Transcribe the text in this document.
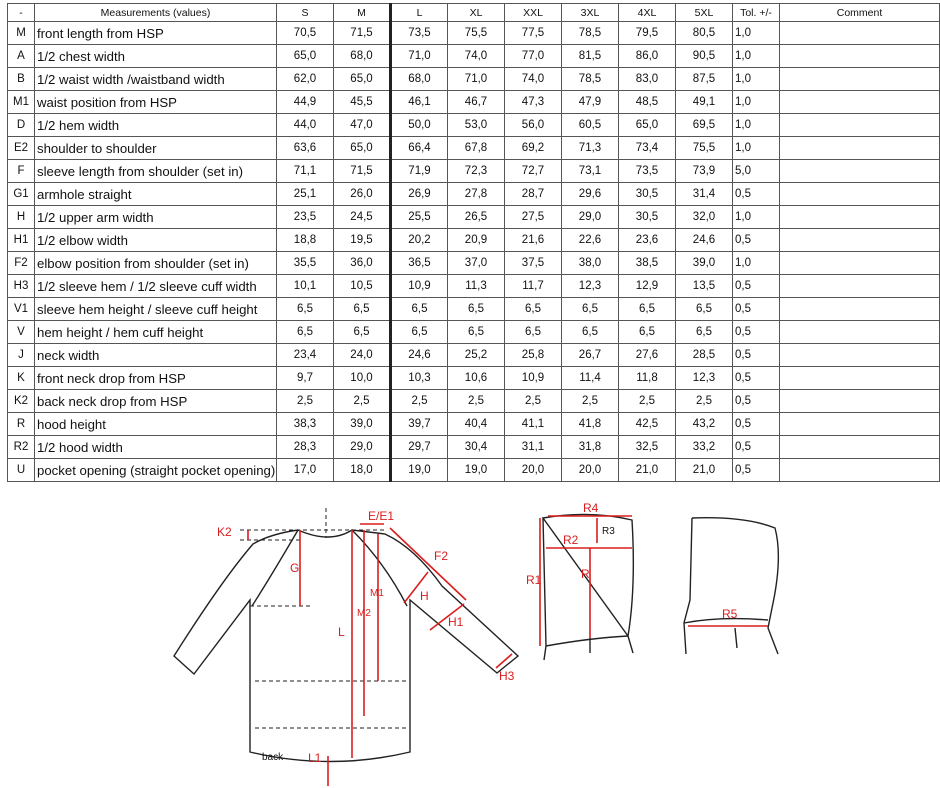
-	Measurements (values)	S	M	L	XL	XXL	3XL	4XL	5XL	Tol. +/-	Comment
M	front length from HSP	70,5	71,5	73,5	75,5	77,5	78,5	79,5	80,5	1,0	
A	1/2 chest width	65,0	68,0	71,0	74,0	77,0	81,5	86,0	90,5	1,0	
B	1/2 waist width /waistband width	62,0	65,0	68,0	71,0	74,0	78,5	83,0	87,5	1,0	
M1	waist position from HSP	44,9	45,5	46,1	46,7	47,3	47,9	48,5	49,1	1,0	
D	1/2 hem width	44,0	47,0	50,0	53,0	56,0	60,5	65,0	69,5	1,0	
E2	shoulder to shoulder	63,6	65,0	66,4	67,8	69,2	71,3	73,4	75,5	1,0	
F	sleeve length from shoulder (set in)	71,1	71,5	71,9	72,3	72,7	73,1	73,5	73,9	5,0	
G1	armhole straight	25,1	26,0	26,9	27,8	28,7	29,6	30,5	31,4	0,5	
H	1/2 upper arm width	23,5	24,5	25,5	26,5	27,5	29,0	30,5	32,0	1,0	
H1	1/2 elbow width	18,8	19,5	20,2	20,9	21,6	22,6	23,6	24,6	0,5	
F2	elbow position from shoulder (set in)	35,5	36,0	36,5	37,0	37,5	38,0	38,5	39,0	1,0	
H3	1/2 sleeve hem / 1/2 sleeve cuff width	10,1	10,5	10,9	11,3	11,7	12,3	12,9	13,5	0,5	
V1	sleeve hem height / sleeve cuff height	6,5	6,5	6,5	6,5	6,5	6,5	6,5	6,5	0,5	
V	hem height / hem cuff height	6,5	6,5	6,5	6,5	6,5	6,5	6,5	6,5	0,5	
J	neck width	23,4	24,0	24,6	25,2	25,8	26,7	27,6	28,5	0,5	
K	front neck drop from HSP	9,7	10,0	10,3	10,6	10,9	11,4	11,8	12,3	0,5	
K2	back neck drop from HSP	2,5	2,5	2,5	2,5	2,5	2,5	2,5	2,5	0,5	
R	hood height	38,3	39,0	39,7	40,4	41,1	41,8	42,5	43,2	0,5	
R2	1/2 hood width	28,3	29,0	29,7	30,4	31,1	31,8	32,5	33,2	0,5	
U	pocket opening (straight pocket opening)	17,0	18,0	19,0	19,0	20,0	20,0	21,0	21,0	0,5	
K2
E/E1
F2
G
M1
M2
L
H
H1
H3
L1
R4
R2
R1	R
R5
R3
back
